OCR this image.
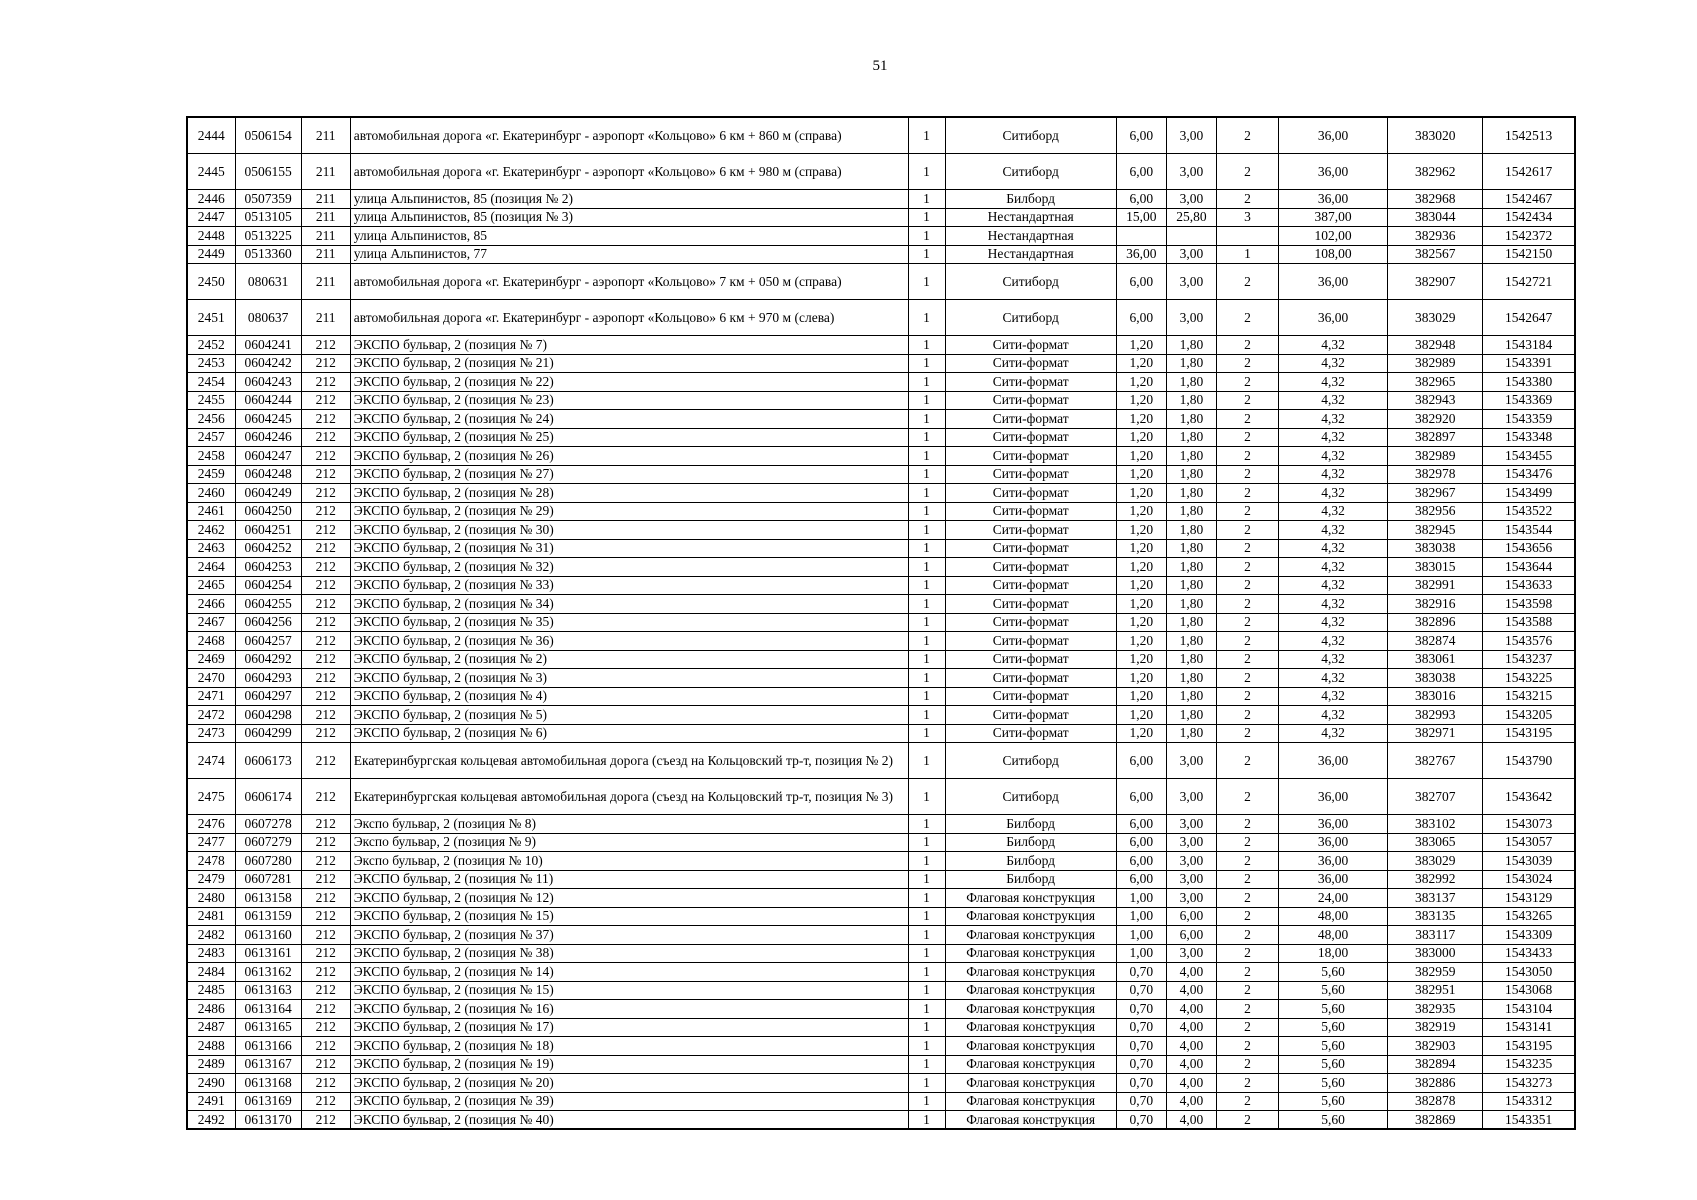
51
2444	0506154	211	автомобильная дорога «г. Екатеринбург - аэропорт «Кольцово» 6 км + 860 м (справа)	1	Ситиборд	6,00	3,00	2	36,00	383020	1542513
2445	0506155	211	автомобильная дорога «г. Екатеринбург - аэропорт «Кольцово» 6 км + 980 м (справа)	1	Ситиборд	6,00	3,00	2	36,00	382962	1542617
2446	0507359	211	улица Альпинистов, 85 (позиция № 2)	1	Билборд	6,00	3,00	2	36,00	382968	1542467
2447	0513105	211	улица Альпинистов, 85 (позиция № 3)	1	Нестандартная	15,00	25,80	3	387,00	383044	1542434
2448	0513225	211	улица Альпинистов, 85	1	Нестандартная				102,00	382936	1542372
2449	0513360	211	улица Альпинистов, 77	1	Нестандартная	36,00	3,00	1	108,00	382567	1542150
2450	080631	211	автомобильная дорога «г. Екатеринбург - аэропорт «Кольцово» 7 км + 050 м (справа)	1	Ситиборд	6,00	3,00	2	36,00	382907	1542721
2451	080637	211	автомобильная дорога «г. Екатеринбург - аэропорт «Кольцово» 6 км + 970 м (слева)	1	Ситиборд	6,00	3,00	2	36,00	383029	1542647
2452	0604241	212	ЭКСПО бульвар, 2 (позиция № 7)	1	Сити-формат	1,20	1,80	2	4,32	382948	1543184
2453	0604242	212	ЭКСПО бульвар, 2 (позиция № 21)	1	Сити-формат	1,20	1,80	2	4,32	382989	1543391
2454	0604243	212	ЭКСПО бульвар, 2 (позиция № 22)	1	Сити-формат	1,20	1,80	2	4,32	382965	1543380
2455	0604244	212	ЭКСПО бульвар, 2 (позиция № 23)	1	Сити-формат	1,20	1,80	2	4,32	382943	1543369
2456	0604245	212	ЭКСПО бульвар, 2 (позиция № 24)	1	Сити-формат	1,20	1,80	2	4,32	382920	1543359
2457	0604246	212	ЭКСПО бульвар, 2 (позиция № 25)	1	Сити-формат	1,20	1,80	2	4,32	382897	1543348
2458	0604247	212	ЭКСПО бульвар, 2 (позиция № 26)	1	Сити-формат	1,20	1,80	2	4,32	382989	1543455
2459	0604248	212	ЭКСПО бульвар, 2 (позиция № 27)	1	Сити-формат	1,20	1,80	2	4,32	382978	1543476
2460	0604249	212	ЭКСПО бульвар, 2 (позиция № 28)	1	Сити-формат	1,20	1,80	2	4,32	382967	1543499
2461	0604250	212	ЭКСПО бульвар, 2 (позиция № 29)	1	Сити-формат	1,20	1,80	2	4,32	382956	1543522
2462	0604251	212	ЭКСПО бульвар, 2 (позиция № 30)	1	Сити-формат	1,20	1,80	2	4,32	382945	1543544
2463	0604252	212	ЭКСПО бульвар, 2 (позиция № 31)	1	Сити-формат	1,20	1,80	2	4,32	383038	1543656
2464	0604253	212	ЭКСПО бульвар, 2 (позиция № 32)	1	Сити-формат	1,20	1,80	2	4,32	383015	1543644
2465	0604254	212	ЭКСПО бульвар, 2 (позиция № 33)	1	Сити-формат	1,20	1,80	2	4,32	382991	1543633
2466	0604255	212	ЭКСПО бульвар, 2 (позиция № 34)	1	Сити-формат	1,20	1,80	2	4,32	382916	1543598
2467	0604256	212	ЭКСПО бульвар, 2 (позиция № 35)	1	Сити-формат	1,20	1,80	2	4,32	382896	1543588
2468	0604257	212	ЭКСПО бульвар, 2 (позиция № 36)	1	Сити-формат	1,20	1,80	2	4,32	382874	1543576
2469	0604292	212	ЭКСПО бульвар, 2 (позиция № 2)	1	Сити-формат	1,20	1,80	2	4,32	383061	1543237
2470	0604293	212	ЭКСПО бульвар, 2 (позиция № 3)	1	Сити-формат	1,20	1,80	2	4,32	383038	1543225
2471	0604297	212	ЭКСПО бульвар, 2 (позиция № 4)	1	Сити-формат	1,20	1,80	2	4,32	383016	1543215
2472	0604298	212	ЭКСПО бульвар, 2 (позиция № 5)	1	Сити-формат	1,20	1,80	2	4,32	382993	1543205
2473	0604299	212	ЭКСПО бульвар, 2 (позиция № 6)	1	Сити-формат	1,20	1,80	2	4,32	382971	1543195
2474	0606173	212	Екатеринбургская кольцевая автомобильная дорога (съезд на Кольцовский тр-т, позиция № 2)	1	Ситиборд	6,00	3,00	2	36,00	382767	1543790
2475	0606174	212	Екатеринбургская кольцевая автомобильная дорога (съезд на Кольцовский тр-т, позиция № 3)	1	Ситиборд	6,00	3,00	2	36,00	382707	1543642
2476	0607278	212	Экспо бульвар, 2 (позиция № 8)	1	Билборд	6,00	3,00	2	36,00	383102	1543073
2477	0607279	212	Экспо бульвар, 2 (позиция № 9)	1	Билборд	6,00	3,00	2	36,00	383065	1543057
2478	0607280	212	Экспо бульвар, 2 (позиция № 10)	1	Билборд	6,00	3,00	2	36,00	383029	1543039
2479	0607281	212	ЭКСПО бульвар, 2 (позиция № 11)	1	Билборд	6,00	3,00	2	36,00	382992	1543024
2480	0613158	212	ЭКСПО бульвар, 2 (позиция № 12)	1	Флаговая конструкция	1,00	3,00	2	24,00	383137	1543129
2481	0613159	212	ЭКСПО бульвар, 2 (позиция № 15)	1	Флаговая конструкция	1,00	6,00	2	48,00	383135	1543265
2482	0613160	212	ЭКСПО бульвар, 2 (позиция № 37)	1	Флаговая конструкция	1,00	6,00	2	48,00	383117	1543309
2483	0613161	212	ЭКСПО бульвар, 2 (позиция № 38)	1	Флаговая конструкция	1,00	3,00	2	18,00	383000	1543433
2484	0613162	212	ЭКСПО бульвар, 2 (позиция № 14)	1	Флаговая конструкция	0,70	4,00	2	5,60	382959	1543050
2485	0613163	212	ЭКСПО бульвар, 2 (позиция № 15)	1	Флаговая конструкция	0,70	4,00	2	5,60	382951	1543068
2486	0613164	212	ЭКСПО бульвар, 2 (позиция № 16)	1	Флаговая конструкция	0,70	4,00	2	5,60	382935	1543104
2487	0613165	212	ЭКСПО бульвар, 2 (позиция № 17)	1	Флаговая конструкция	0,70	4,00	2	5,60	382919	1543141
2488	0613166	212	ЭКСПО бульвар, 2 (позиция № 18)	1	Флаговая конструкция	0,70	4,00	2	5,60	382903	1543195
2489	0613167	212	ЭКСПО бульвар, 2 (позиция № 19)	1	Флаговая конструкция	0,70	4,00	2	5,60	382894	1543235
2490	0613168	212	ЭКСПО бульвар, 2 (позиция № 20)	1	Флаговая конструкция	0,70	4,00	2	5,60	382886	1543273
2491	0613169	212	ЭКСПО бульвар, 2 (позиция № 39)	1	Флаговая конструкция	0,70	4,00	2	5,60	382878	1543312
2492	0613170	212	ЭКСПО бульвар, 2 (позиция № 40)	1	Флаговая конструкция	0,70	4,00	2	5,60	382869	1543351
